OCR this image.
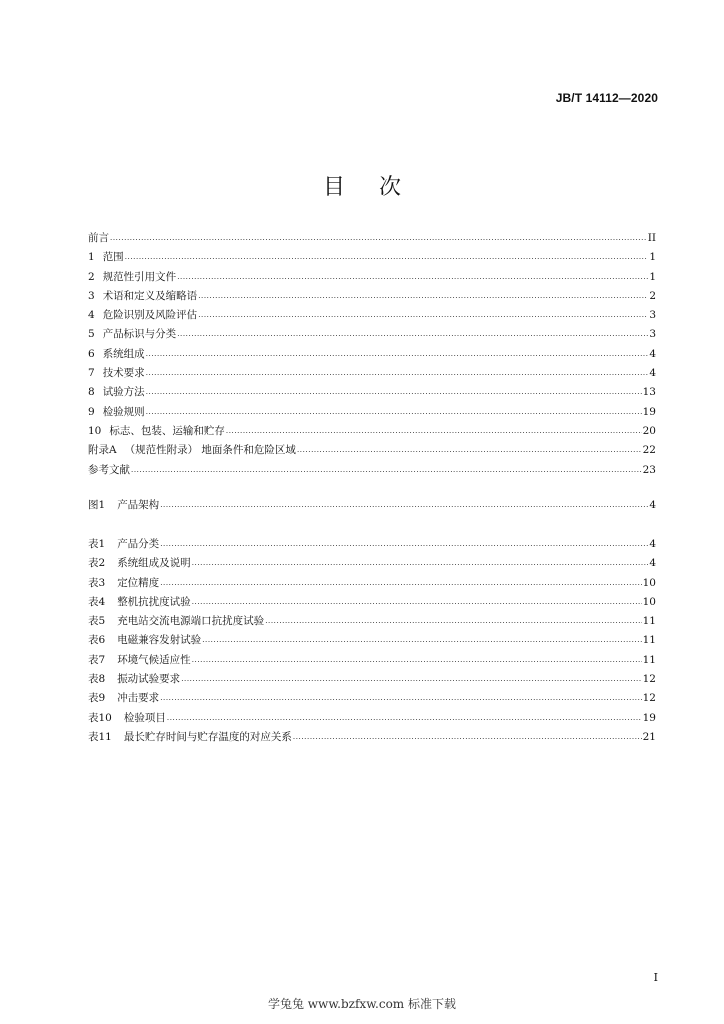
JB/T 14112—2020
目次
前言 .....	II
1 范围 .....	1
2 规范性引用文件 .....	1
3 术语和定义及缩略语 .....	2
4 危险识别及风险评估 .....	3
5 产品标识与分类 .....	3
6 系统组成 .....	4
7 技术要求 .....	4
8 试验方法 .....	13
9 检验规则 .....	19
10 标志、包装、运输和贮存 .....	20
附录A （规范性附录） 地面条件和危险区域 .....	22
参考文献 .....	23
图1 产品架构 .....	4
表1 产品分类 .....	4
表2 系统组成及说明 .....	4
表3 定位精度 .....	10
表4 整机抗扰度试验 .....	10
表5 充电站交流电源端口抗扰度试验 .....	11
表6 电磁兼容发射试验 .....	11
表7 环境气候适应性 .....	11
表8 振动试验要求 .....	12
表9 冲击要求 .....	12
表10 检验项目 .....	19
表11 最长贮存时间与贮存温度的对应关系 .....	21
I
学兔兔 www.bzfxw.com 标准下载
